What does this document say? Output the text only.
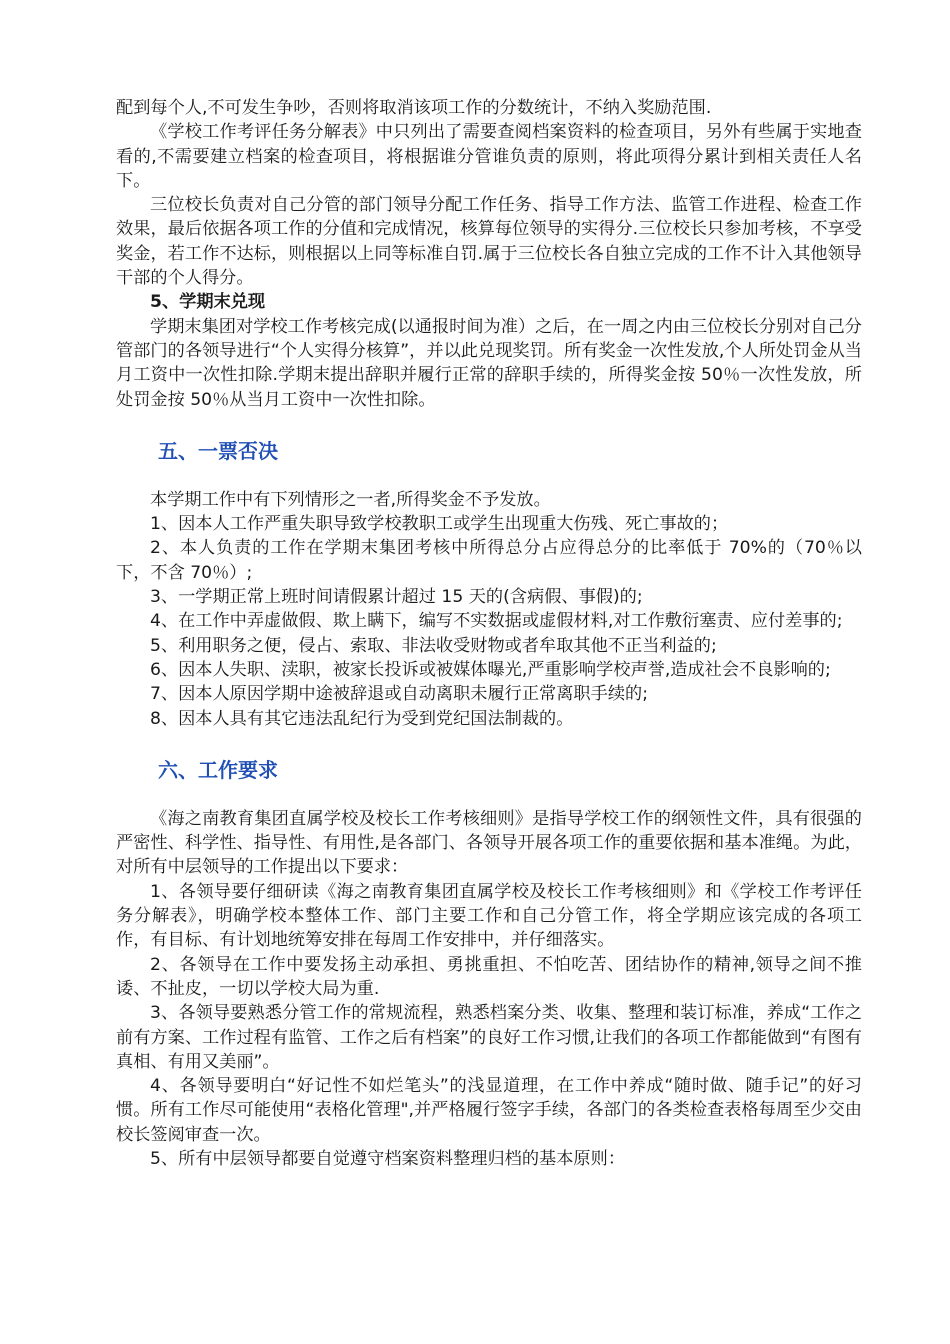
配到每个人,不可发生争吵，否则将取消该项工作的分数统计，不纳入奖励范围.

《学校工作考评任务分解表》中只列出了需要查阅档案资料的检查项目，另外有些属于实地查看的,不需要建立档案的检查项目，将根据谁分管谁负责的原则，将此项得分累计到相关责任人名下。

三位校长负责对自己分管的部门领导分配工作任务、指导工作方法、监管工作进程、检查工作效果，最后依据各项工作的分值和完成情况，核算每位领导的实得分.三位校长只参加考核，不享受奖金，若工作不达标，则根据以上同等标准自罚.属于三位校长各自独立完成的工作不计入其他领导干部的个人得分。

5、学期末兑现

学期末集团对学校工作考核完成(以通报时间为准）之后，在一周之内由三位校长分别对自己分管部门的各领导进行“个人实得分核算”，并以此兑现奖罚。所有奖金一次性发放,个人所处罚金从当月工资中一次性扣除.学期末提出辞职并履行正常的辞职手续的，所得奖金按 50％一次性发放，所处罚金按 50％从当月工资中一次性扣除。

五、一票否决

本学期工作中有下列情形之一者,所得奖金不予发放。

1、因本人工作严重失职导致学校教职工或学生出现重大伤残、死亡事故的；

2、本人负责的工作在学期末集团考核中所得总分占应得总分的比率低于 70%的（70％以下，不含 70％）;

3、一学期正常上班时间请假累计超过 15 天的(含病假、事假)的;

4、在工作中弄虚做假、欺上瞒下，编写不实数据或虚假材料,对工作敷衍塞责、应付差事的;

5、利用职务之便，侵占、索取、非法收受财物或者牟取其他不正当利益的;

6、因本人失职、渎职，被家长投诉或被媒体曝光,严重影响学校声誉,造成社会不良影响的;

7、因本人原因学期中途被辞退或自动离职未履行正常离职手续的;

8、因本人具有其它违法乱纪行为受到党纪国法制裁的。

六、工作要求

《海之南教育集团直属学校及校长工作考核细则》是指导学校工作的纲领性文件，具有很强的严密性、科学性、指导性、有用性,是各部门、各领导开展各项工作的重要依据和基本准绳。为此，对所有中层领导的工作提出以下要求：

1、各领导要仔细研读《海之南教育集团直属学校及校长工作考核细则》和《学校工作考评任务分解表》，明确学校本整体工作、部门主要工作和自己分管工作，将全学期应该完成的各项工作，有目标、有计划地统筹安排在每周工作安排中，并仔细落实。

2、各领导在工作中要发扬主动承担、勇挑重担、不怕吃苦、团结协作的精神,领导之间不推诿、不扯皮，一切以学校大局为重.

3、各领导要熟悉分管工作的常规流程，熟悉档案分类、收集、整理和装订标准，养成“工作之前有方案、工作过程有监管、工作之后有档案”的良好工作习惯,让我们的各项工作都能做到“有图有真相、有用又美丽”。

4、各领导要明白“好记性不如烂笔头”的浅显道理，在工作中养成“随时做、随手记”的好习惯。所有工作尽可能使用“表格化管理",并严格履行签字手续，各部门的各类检查表格每周至少交由校长签阅审查一次。

5、所有中层领导都要自觉遵守档案资料整理归档的基本原则：
